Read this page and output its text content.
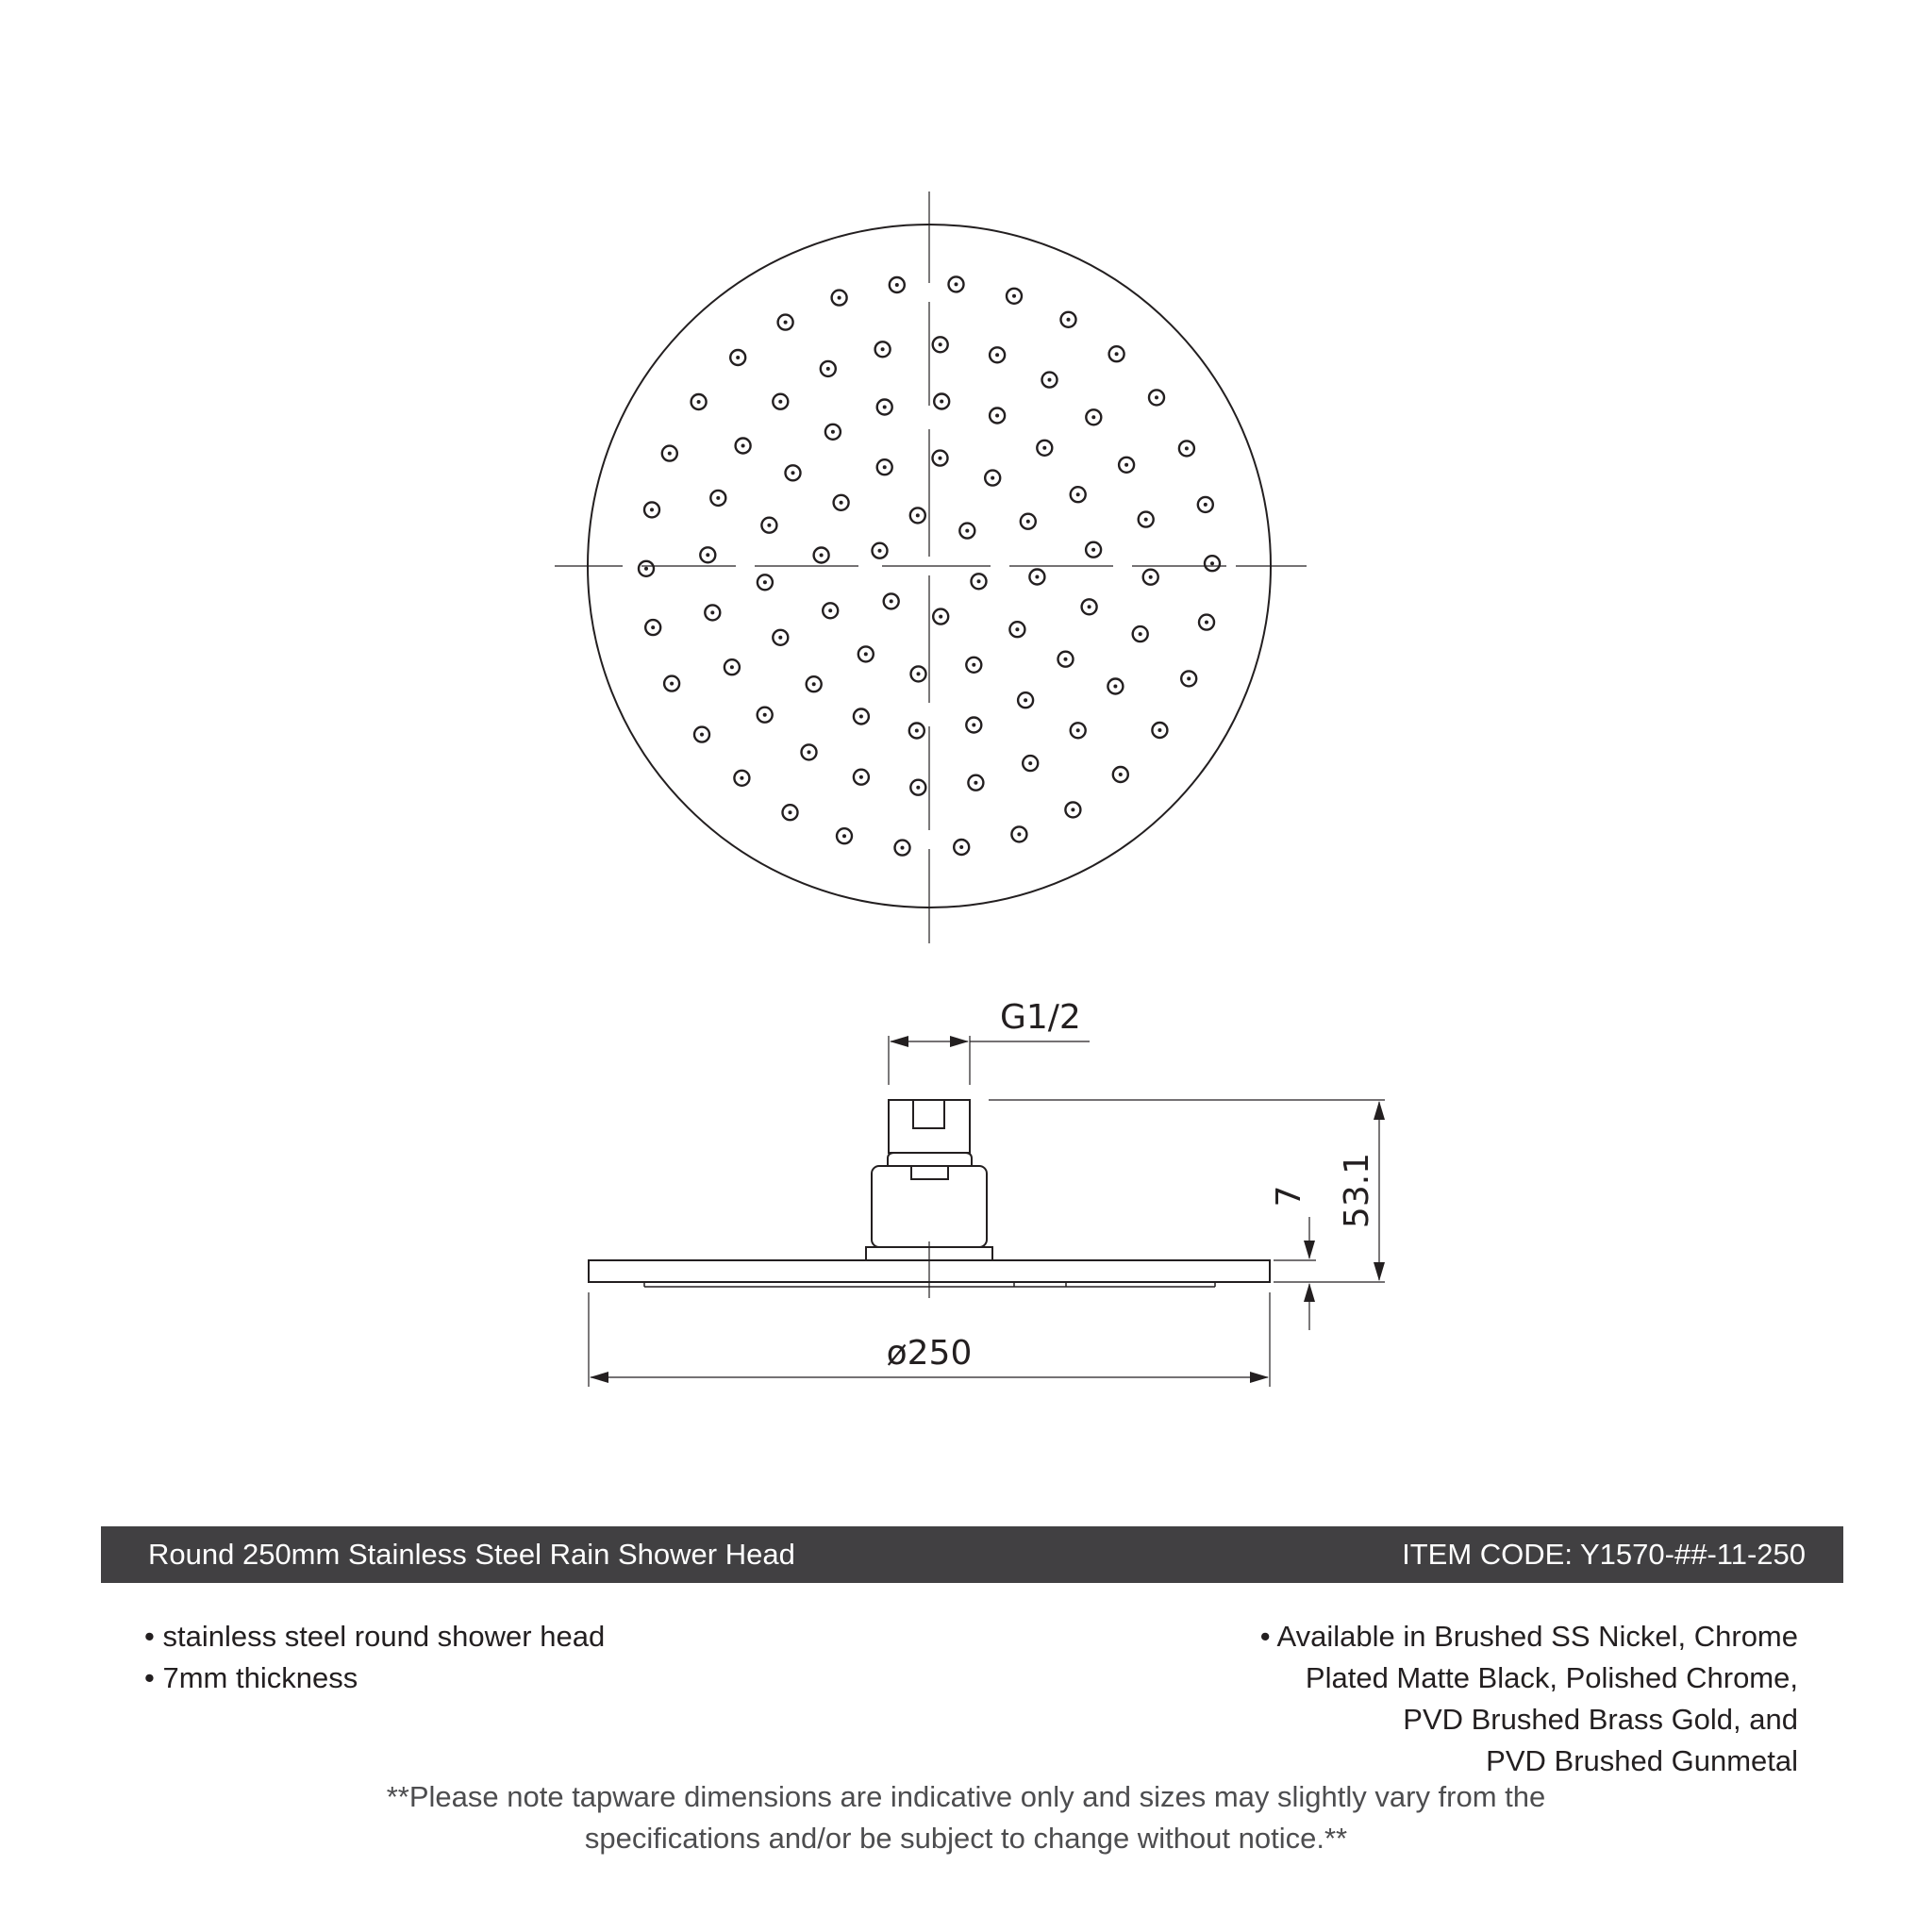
G1/2
ø250
53.1
7
Round 250mm Stainless Steel Rain Shower Head	ITEM CODE: Y1570-##-11-250
• stainless steel round shower head
• 7mm thickness
• Available in Brushed SS Nickel, Chrome
Plated Matte Black, Polished Chrome,
PVD Brushed Brass Gold, and
PVD Brushed Gunmetal
**Please note tapware dimensions are indicative only and sizes may slightly vary from the
specifications and/or be subject to change without notice.**
